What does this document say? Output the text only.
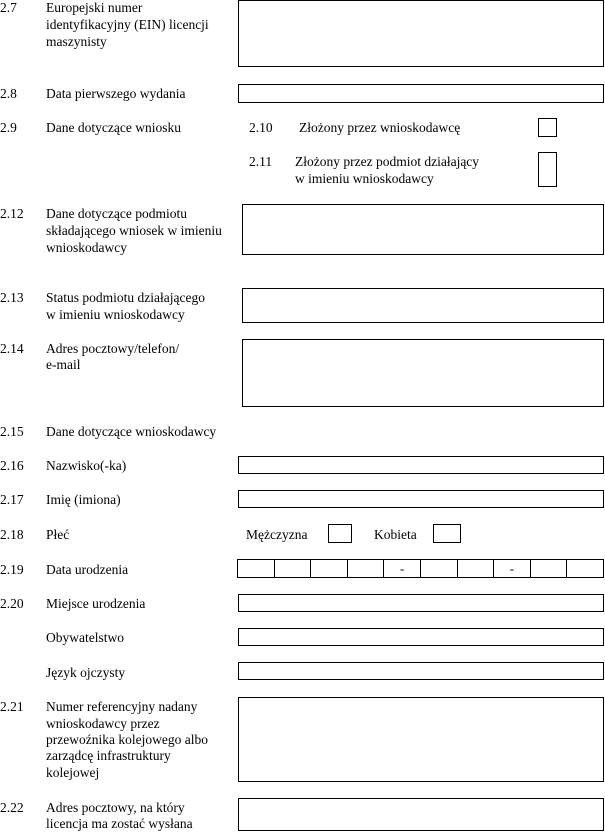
2.7 Europejski numer
identyfikacyjny (EIN) licencji
maszynisty
2.8 Data pierwszego wydania
2.9 Dane dotyczące wniosku	2.10 Złożony przez wnioskodawcę
2.11 Złożony przez podmiot działający
w imieniu wnioskodawcy
2.12 Dane dotyczące podmiotu
składającego wniosek w imieniu
wnioskodawcy
2.13 Status podmiotu działającego
w imieniu wnioskodawcy
2.14 Adres pocztowy/telefon/
e-mail
2.15 Dane dotyczące wnioskodawcy
2.16 Nazwisko(-ka)
2.17 Imię (imiona)
2.18 Płeć	Mężczyzna	Kobieta
2.19 Data urodzenia	-	-
2.20 Miejsce urodzenia
Obywatelstwo
Język ojczysty
2.21 Numer referencyjny nadany
wnioskodawcy przez
przewoźnika kolejowego albo
zarządcę infrastruktury
kolejowej
2.22 Adres pocztowy, na który
licencja ma zostać wysłana
